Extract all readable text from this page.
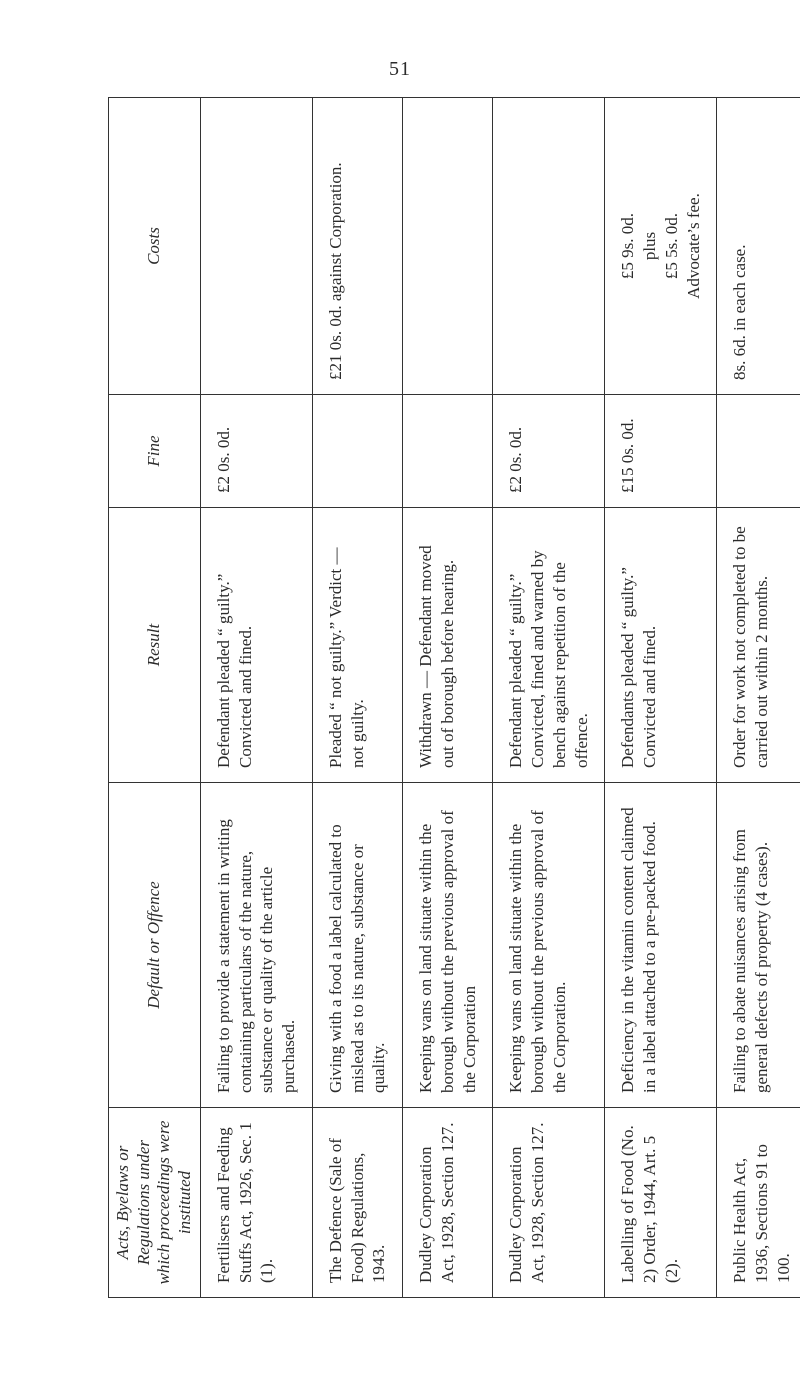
51
Acts, Byelaws or Regulations under which proceedings were instituted	Default or Offence	Result	Fine	Costs
Fertilisers and Feeding Stuffs Act, 1926, Sec. 1 (1).	Failing to provide a statement in writing containing particulars of the nature, substance or quality of the article purchased.	Defendant pleaded “ guilty.” Convicted and fined.	£2 0s. 0d.	
The Defence (Sale of Food) Regulations, 1943.	Giving with a food a label calculated to mislead as to its nature, substance or quality.	Pleaded “ not guilty.” Verdict — not guilty.		£21 0s. 0d. against Corporation.
Dudley Corporation Act, 1928, Section 127.	Keeping vans on land situate within the borough without the previous approval of the Corporation	Withdrawn — Defendant moved out of borough before hearing.		
Dudley Corporation Act, 1928, Section 127.	Keeping vans on land situate within the borough without the previous approval of the Corporation.	Defendant pleaded “ guilty.” Convicted, fined and warned by bench against repetition of the offence.	£2 0s. 0d.	
Labelling of Food (No. 2) Order, 1944, Art. 5 (2).	Deficiency in the vitamin content claimed in a label attached to a pre-packed food.	Defendants pleaded “ guilty.” Convicted and fined.	£15 0s. 0d.	£5 9s. 0d. plus £5 5s. 0d. Advocate’s fee.

Public Health Act, 1936, Sections 91 to 100.	Failing to abate nuisances arising from general defects of property (4 cases).	Order for work not completed to be carried out within 2 months.		8s. 6d. in each case.
